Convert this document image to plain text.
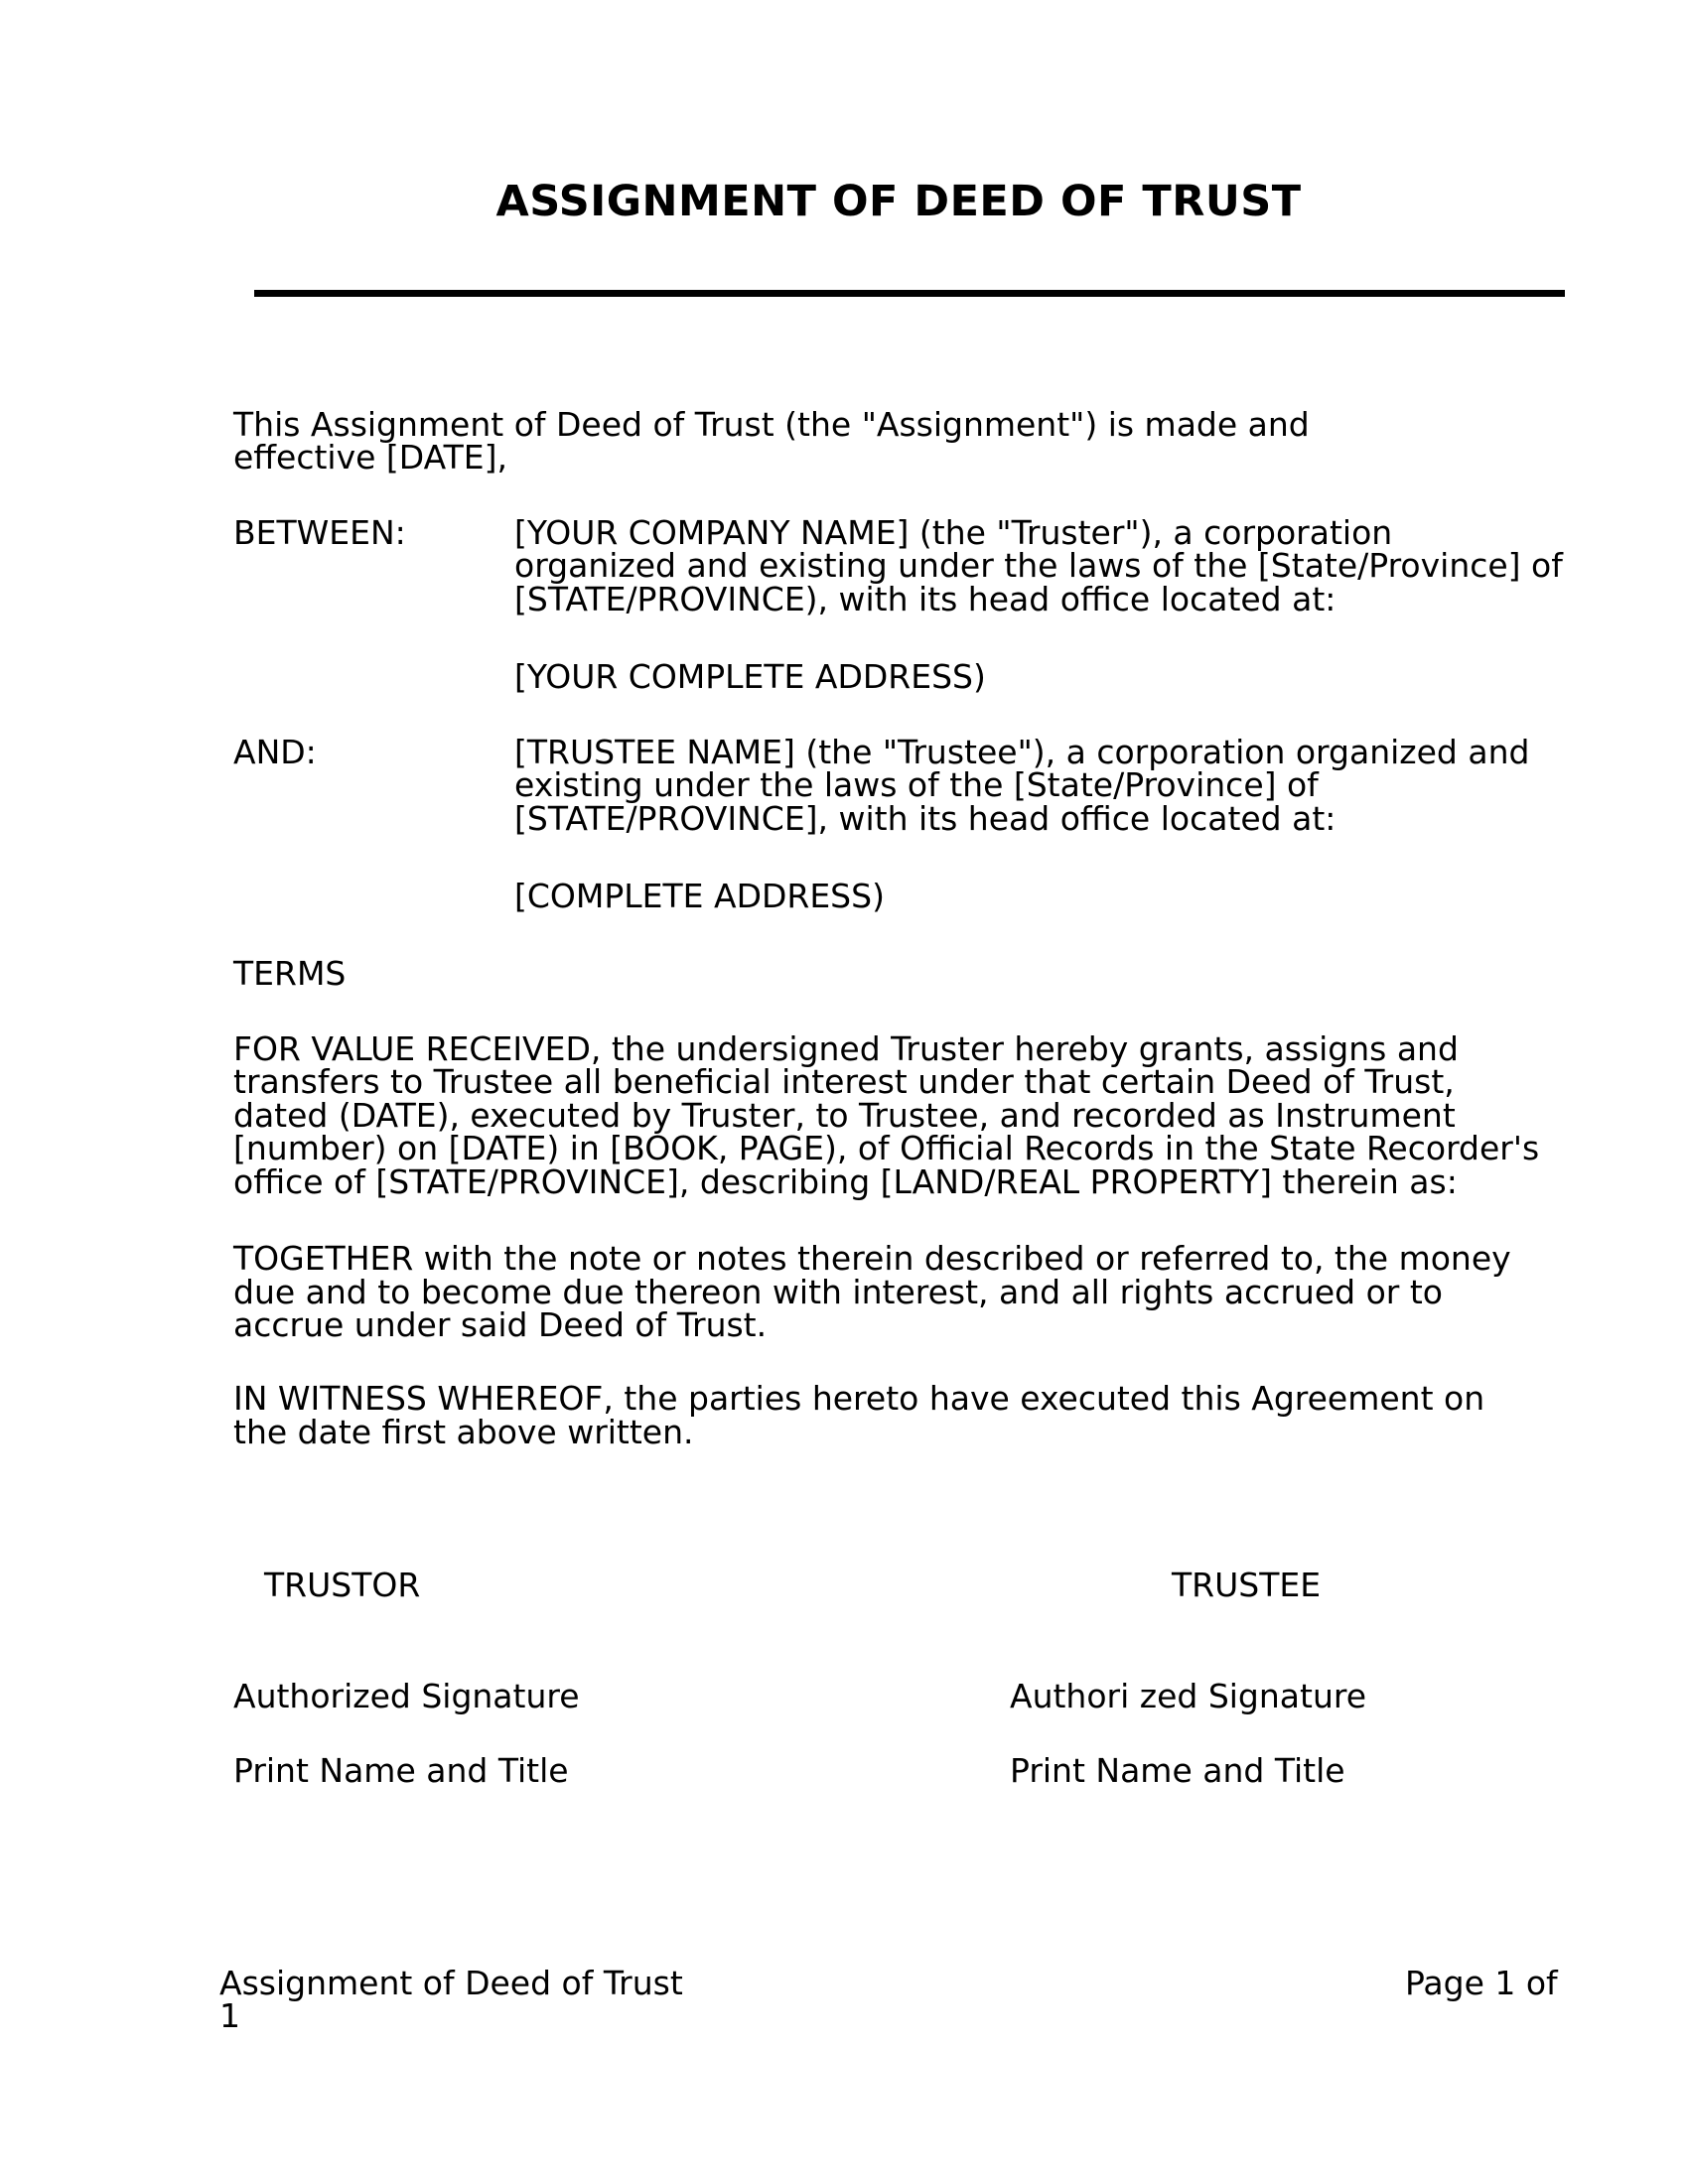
ASSIGNMENT OF DEED OF TRUST
This Assignment of Deed of Trust (the "Assignment") is made and
effective [DATE],
BETWEEN:	[YOUR COMPANY NAME] (the "Truster"), a corporation
organized and existing under the laws of the [State/Province] of
[STATE/PROVINCE), with its head office located at:
[YOUR COMPLETE ADDRESS)
AND:	[TRUSTEE NAME] (the "Trustee"), a corporation organized and
existing under the laws of the [State/Province] of
[STATE/PROVINCE], with its head office located at:
[COMPLETE ADDRESS)
TERMS
FOR VALUE RECEIVED, the undersigned Truster hereby grants, assigns and
transfers to Trustee all beneficial interest under that certain Deed of Trust,
dated (DATE), executed by Truster, to Trustee, and recorded as Instrument
[number) on [DATE) in [BOOK, PAGE), of Official Records in the State Recorder's
office of [STATE/PROVINCE], describing [LAND/REAL PROPERTY] therein as:
TOGETHER with the note or notes therein described or referred to, the money
due and to become due thereon with interest, and all rights accrued or to
accrue under said Deed of Trust.
IN WITNESS WHEREOF, the parties hereto have executed this Agreement on
the date first above written.
TRUSTOR	TRUSTEE
Authorized Signature	Authori zed Signature
Print Name and Title	Print Name and Title
Assignment of Deed of Trust
1
Page 1 of
